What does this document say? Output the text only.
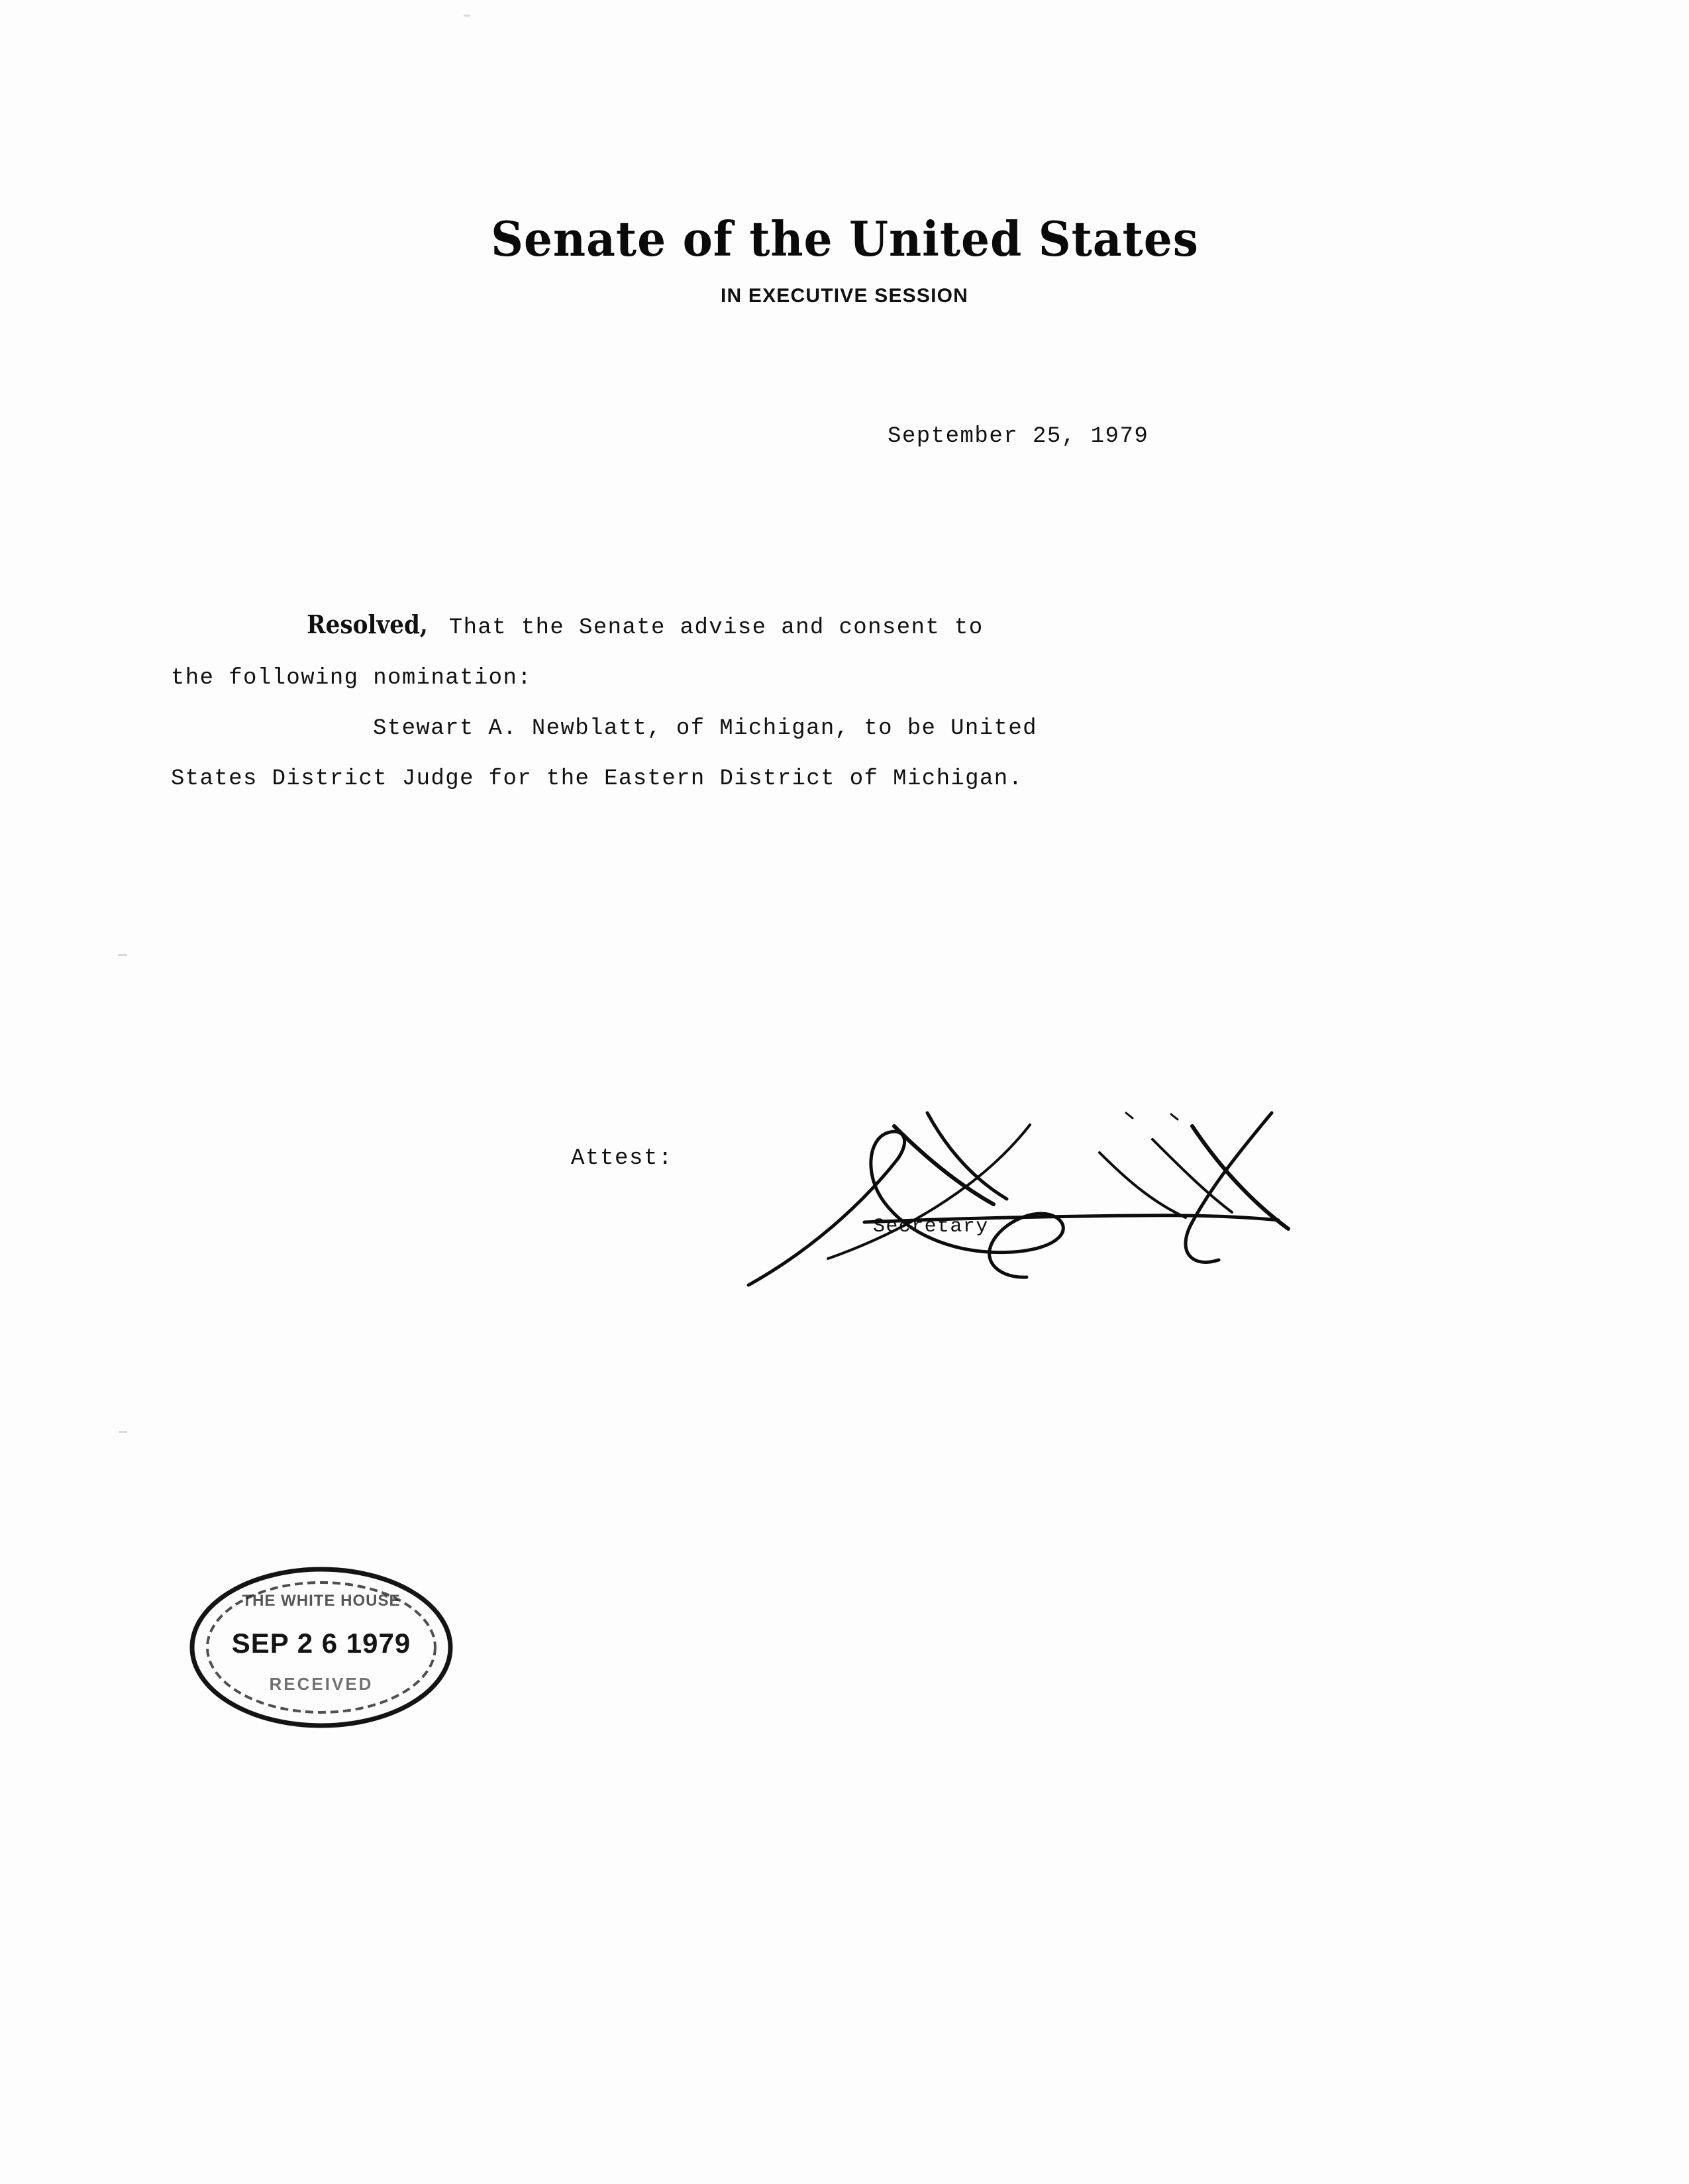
Senate of the United States
IN EXECUTIVE SESSION
September 25, 1979
Resolved, That the Senate advise and consent to
the following nomination:
Stewart A. Newblatt, of Michigan, to be United
States District Judge for the Eastern District of Michigan.
Attest:
Secretary
THE WHITE HOUSE
SEP 2 6 1979
RECEIVED
